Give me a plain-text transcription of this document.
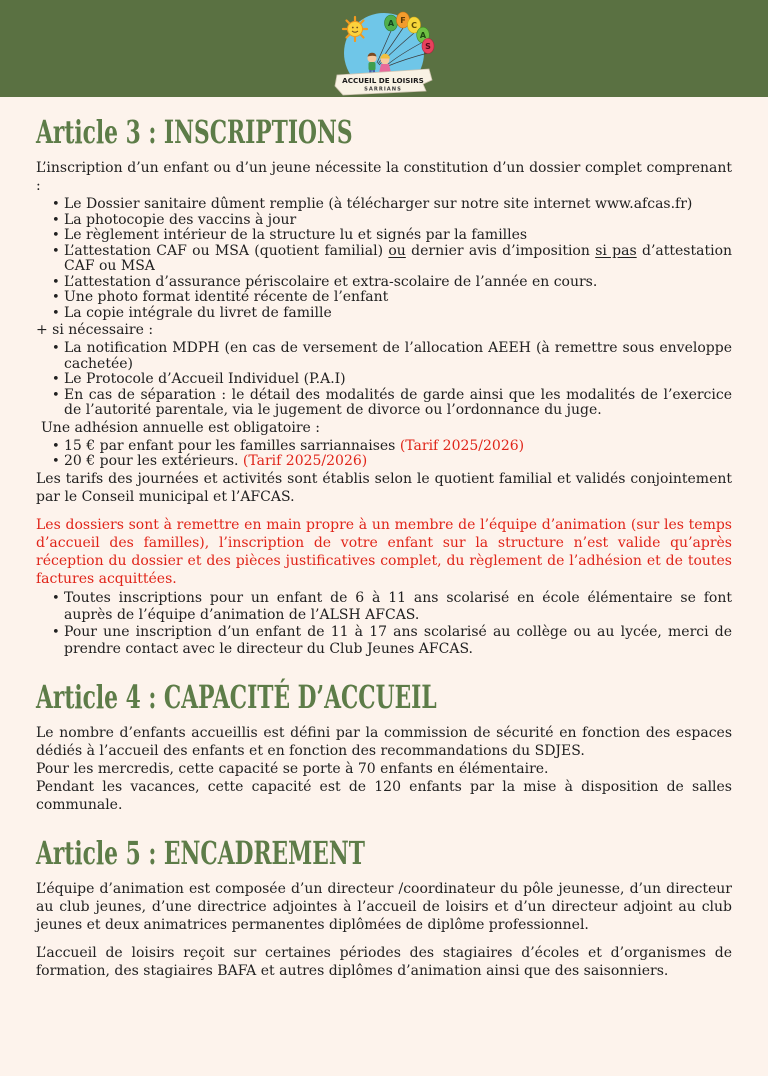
A F
C
A
S
ACCUEIL DE LOISIRS
SARRIANS
Article 3 : INSCRIPTIONS

L’inscription d’un enfant ou d’un jeune nécessite la constitution d’un dossier complet comprenant :

• Le Dossier sanitaire dûment remplie (à télécharger sur notre site internet www.afcas.fr)
• La photocopie des vaccins à jour
• Le règlement intérieur de la structure lu et signés par la familles
• L’attestation CAF ou MSA (quotient familial) ou dernier avis d’imposition si pas d’attestation CAF ou MSA
• L’attestation d’assurance périscolaire et extra-scolaire de l’année en cours.
• Une photo format identité récente de l’enfant
• La copie intégrale du livret de famille

+ si nécessaire :

• La notification MDPH (en cas de versement de l’allocation AEEH (à remettre sous enveloppe cachetée)
• Le Protocole d’Accueil Individuel (P.A.I)
• En cas de séparation : le détail des modalités de garde ainsi que les modalités de l’exercice de l’autorité parentale, via le jugement de divorce ou l’ordonnance du juge.

Une adhésion annuelle est obligatoire :

• 15 € par enfant pour les familles sarriannaises (Tarif 2025/2026)
• 20 € pour les extérieurs. (Tarif 2025/2026)

Les tarifs des journées et activités sont établis selon le quotient familial et validés conjointement par le Conseil municipal et l’AFCAS.

Les dossiers sont à remettre en main propre à un membre de l’équipe d’animation (sur les temps d’accueil des familles), l’inscription de votre enfant sur la structure n’est valide qu’après réception du dossier et des pièces justificatives complet, du règlement de l’adhésion et de toutes factures acquittées.

• Toutes inscriptions pour un enfant de 6 à 11 ans scolarisé en école élémentaire se font auprès de l’équipe d’animation de l’ALSH AFCAS.
• Pour une inscription d’un enfant de 11 à 17 ans scolarisé au collège ou au lycée, merci de prendre contact avec le directeur du Club Jeunes AFCAS.
Article 4 : CAPACITÉ D’ACCUEIL

Le nombre d’enfants accueillis est défini par la commission de sécurité en fonction des espaces dédiés à l’accueil des enfants et en fonction des recommandations du SDJES.

Pour les mercredis, cette capacité se porte à 70 enfants en élémentaire.

Pendant les vacances, cette capacité est de 120 enfants par la mise à disposition de salles communale.

Article 5 : ENCADREMENT

L’équipe d’animation est composée d’un directeur /coordinateur du pôle jeunesse, d’un directeur au club jeunes, d’une directrice adjointes à l’accueil de loisirs et d’un directeur adjoint au club jeunes et deux animatrices permanentes diplômées de diplôme professionnel.

L’accueil de loisirs reçoit sur certaines périodes des stagiaires d’écoles et d’organismes de formation, des stagiaires BAFA et autres diplômes d’animation ainsi que des saisonniers.
